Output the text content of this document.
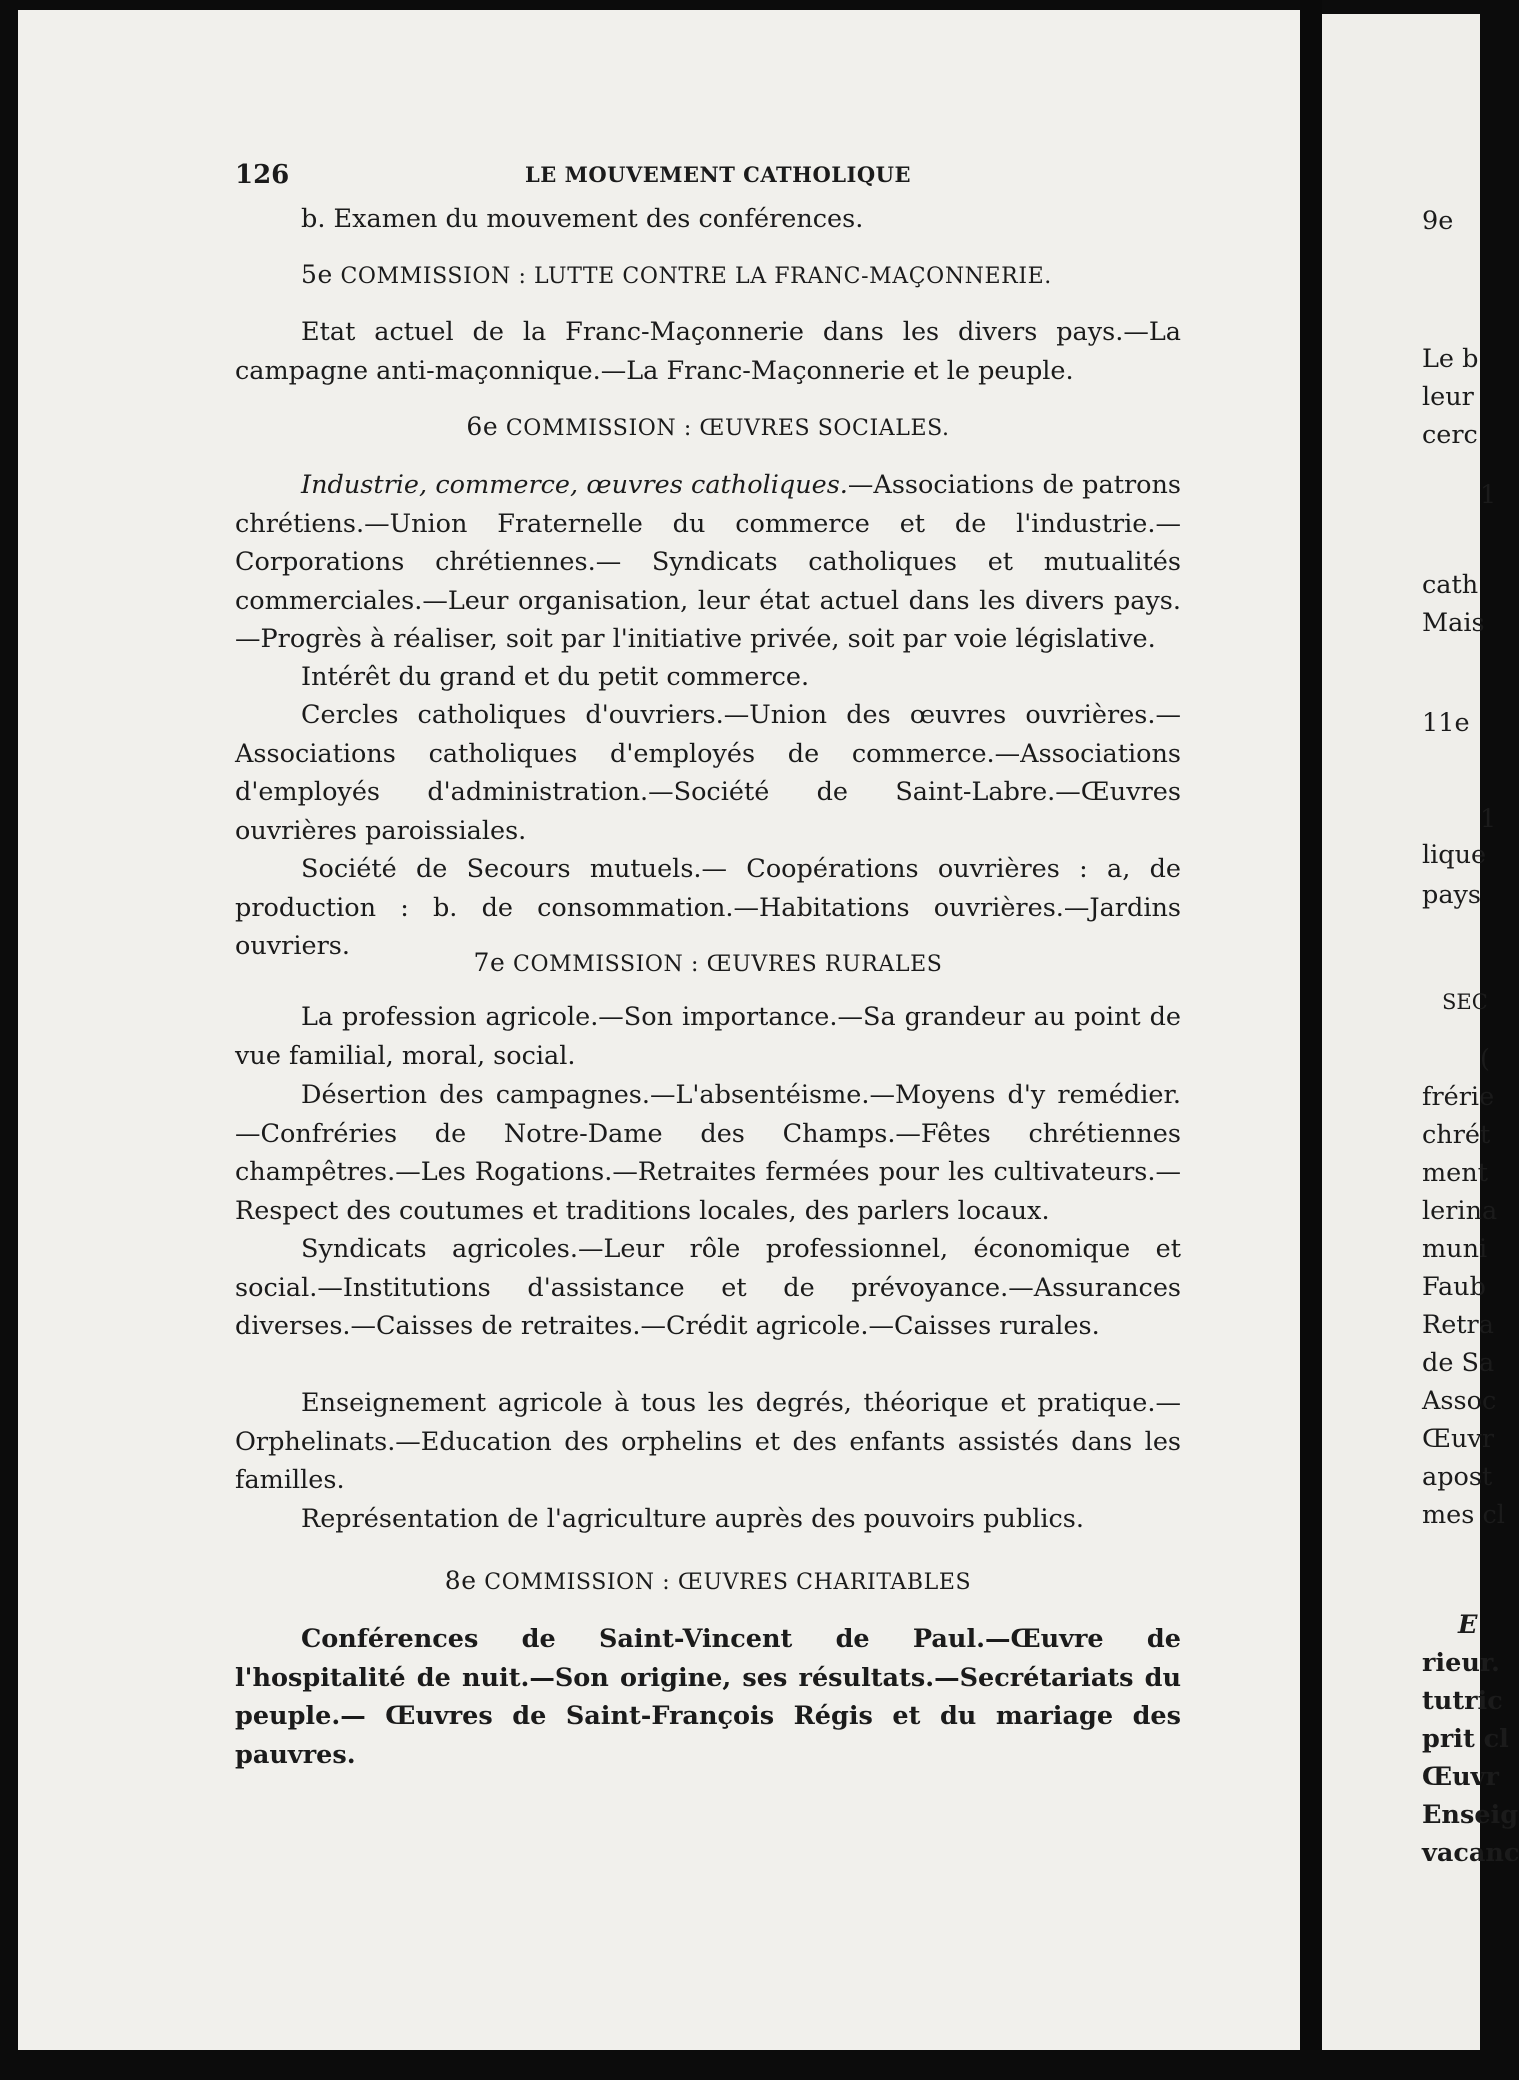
126	LE MOUVEMENT CATHOLIQUE

b. Examen du mouvement des conférences.

5e COMMISSION : LUTTE CONTRE LA FRANC-MAÇONNERIE.

Etat actuel de la Franc-Maçonnerie dans les divers pays.—La campagne anti-maçonnique.—La Franc-Maçonnerie et le peuple.

6e COMMISSION : ŒUVRES SOCIALES.

Industrie, commerce, œuvres catholiques.—Associations de patrons chrétiens.—Union Fraternelle du commerce et de l'industrie.—Corporations chrétiennes.— Syndicats catholiques et mutualités commerciales.—Leur organisation, leur état actuel dans les divers pays.—Progrès à réaliser, soit par l'initiative privée, soit par voie législative.

Intérêt du grand et du petit commerce.

Cercles catholiques d'ouvriers.—Union des œuvres ouvrières.—Associations catholiques d'employés de commerce.—Associations d'employés d'administration.—Société de Saint-Labre.—Œuvres ouvrières paroissiales.

Société de Secours mutuels.— Coopérations ouvrières : a, de production : b. de consommation.—Habitations ouvrières.—Jardins ouvriers.

7e COMMISSION : ŒUVRES RURALES

La profession agricole.—Son importance.—Sa grandeur au point de vue familial, moral, social.

Désertion des campagnes.—L'absentéisme.—Moyens d'y remédier.—Confréries de Notre-Dame des Champs.—Fêtes chrétiennes champêtres.—Les Rogations.—Retraites fermées pour les cultivateurs.—Respect des coutumes et traditions locales, des parlers locaux.

Syndicats agricoles.—Leur rôle professionnel, économique et social.—Institutions d'assistance et de prévoyance.—Assurances diverses.—Caisses de retraites.—Crédit agricole.—Caisses rurales.

Enseignement agricole à tous les degrés, théorique et pratique.—Orphelinats.—Education des orphelins et des enfants assistés dans les familles.

Représentation de l'agriculture auprès des pouvoirs publics.

8e COMMISSION : ŒUVRES CHARITABLES

Conférences de Saint-Vincent de Paul.—Œuvre de l'hospitalité de nuit.—Son origine, ses résultats.—Secrétariats du peuple.— Œuvres de Saint-François Régis et du mariage des pauvres.

9e
Le b
leur
cerc
1
cath
Mais
11e
1
lique
pays
SEC
(
frérie
chrét
ment
lerina
muni
Faub
Retra
de Sa
Assoc
Œuvr
apost
mes cl
E
rieur.
tutric
prit cl
Œuvr
Enseig
vacanc
